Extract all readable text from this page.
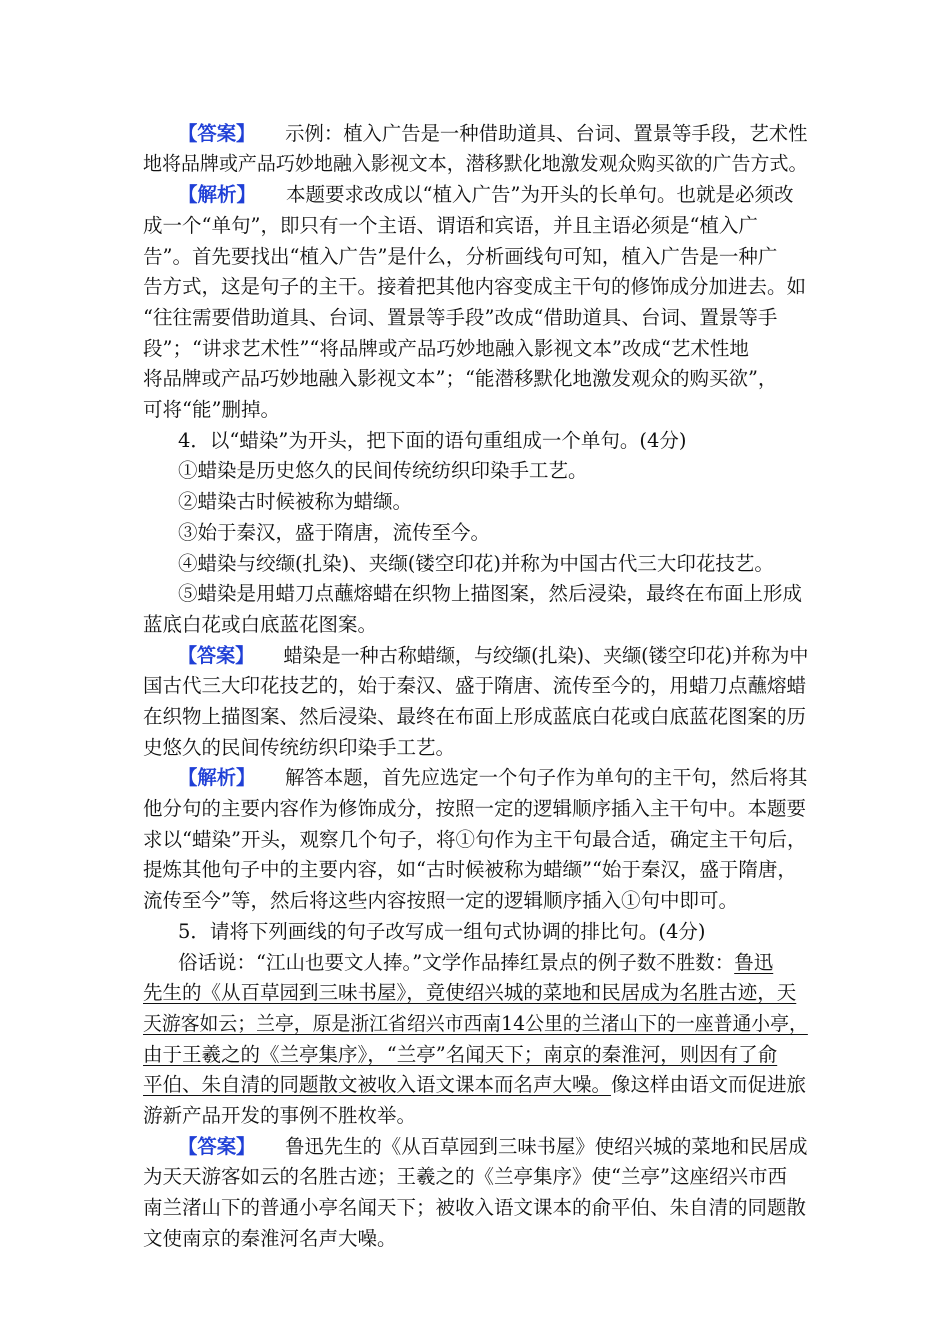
【答案】 示例：植入广告是一种借助道具、台词、置景等手段，艺术性
地将品牌或产品巧妙地融入影视文本，潜移默化地激发观众购买欲的广告方式。
【解析】 本题要求改成以“植入广告”为开头的长单句。也就是必须改
成一个“单句”，即只有一个主语、谓语和宾语，并且主语必须是“植入广
告”。首先要找出“植入广告”是什么，分析画线句可知，植入广告是一种广
告方式，这是句子的主干。接着把其他内容变成主干句的修饰成分加进去。如
“往往需要借助道具、台词、置景等手段”改成“借助道具、台词、置景等手
段”；“讲求艺术性”“将品牌或产品巧妙地融入影视文本”改成“艺术性地
将品牌或产品巧妙地融入影视文本”；“能潜移默化地激发观众的购买欲”，
可将“能”删掉。
4．以“蜡染”为开头，把下面的语句重组成一个单句。(4分)
①蜡染是历史悠久的民间传统纺织印染手工艺。
②蜡染古时候被称为蜡缬。
③始于秦汉，盛于隋唐，流传至今。
④蜡染与绞缬(扎染)、夹缬(镂空印花)并称为中国古代三大印花技艺。
⑤蜡染是用蜡刀点蘸熔蜡在织物上描图案，然后浸染，最终在布面上形成
蓝底白花或白底蓝花图案。
【答案】 蜡染是一种古称蜡缬，与绞缬(扎染)、夹缬(镂空印花)并称为中
国古代三大印花技艺的，始于秦汉、盛于隋唐、流传至今的，用蜡刀点蘸熔蜡
在织物上描图案、然后浸染、最终在布面上形成蓝底白花或白底蓝花图案的历
史悠久的民间传统纺织印染手工艺。
【解析】 解答本题，首先应选定一个句子作为单句的主干句，然后将其
他分句的主要内容作为修饰成分，按照一定的逻辑顺序插入主干句中。本题要
求以“蜡染”开头，观察几个句子，将①句作为主干句最合适，确定主干句后，
提炼其他句子中的主要内容，如“古时候被称为蜡缬”“始于秦汉，盛于隋唐，
流传至今”等，然后将这些内容按照一定的逻辑顺序插入①句中即可。
5．请将下列画线的句子改写成一组句式协调的排比句。(4分)
俗话说：“江山也要文人捧。”文学作品捧红景点的例子数不胜数：鲁迅
先生的《从百草园到三味书屋》，竟使绍兴城的菜地和民居成为名胜古迹，天
天游客如云；兰亭，原是浙江省绍兴市西南14公里的兰渚山下的一座普通小亭，
由于王羲之的《兰亭集序》，“兰亭”名闻天下；南京的秦淮河，则因有了俞
平伯、朱自清的同题散文被收入语文课本而名声大噪。像这样由语文而促进旅
游新产品开发的事例不胜枚举。
【答案】 鲁迅先生的《从百草园到三味书屋》使绍兴城的菜地和民居成
为天天游客如云的名胜古迹；王羲之的《兰亭集序》使“兰亭”这座绍兴市西
南兰渚山下的普通小亭名闻天下；被收入语文课本的俞平伯、朱自清的同题散
文使南京的秦淮河名声大噪。
